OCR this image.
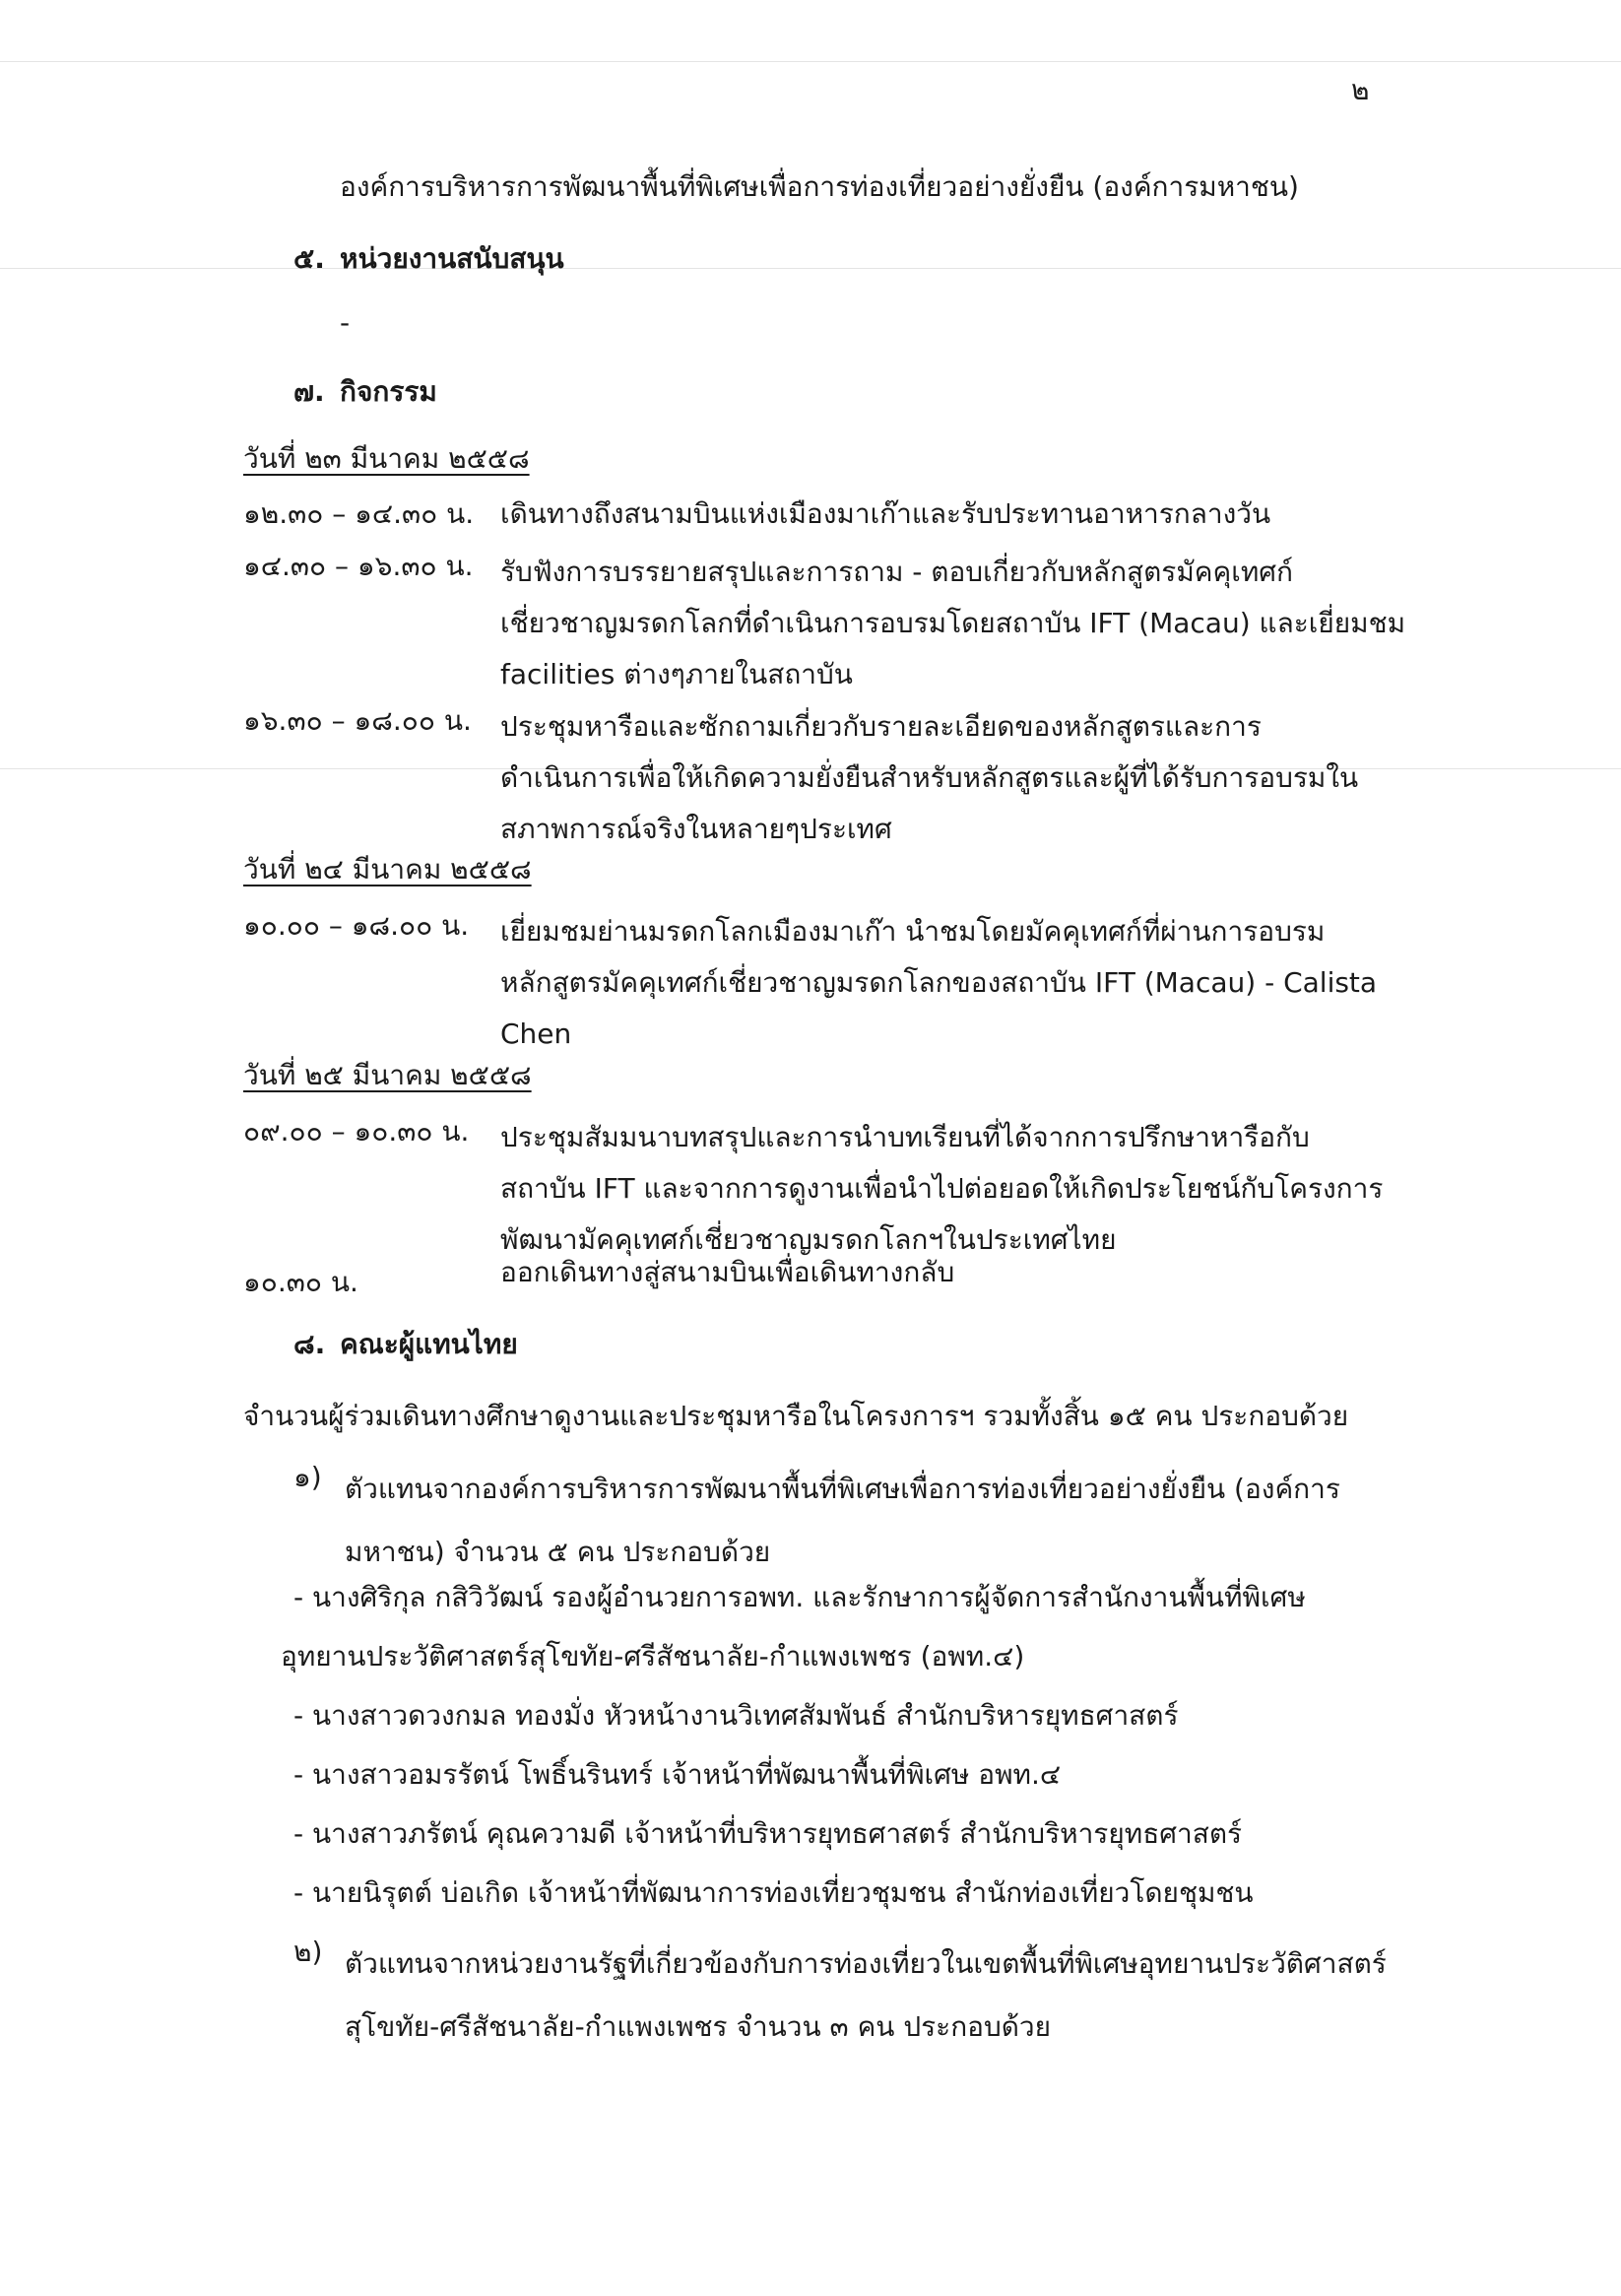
๒
องค์การบริหารการพัฒนาพื้นที่พิเศษเพื่อการท่องเที่ยวอย่างยั่งยืน (องค์การมหาชน)
๕. หน่วยงานสนับสนุน
-
๗. กิจกรรม
วันที่ ๒๓ มีนาคม ๒๕๕๘
๑๒.๓๐ – ๑๔.๓๐ น. เดินทางถึงสนามบินแห่งเมืองมาเก๊าและรับประทานอาหารกลางวัน

๑๔.๓๐ – ๑๖.๓๐ น. รับฟังการบรรยายสรุปและการถาม - ตอบเกี่ยวกับหลักสูตรมัคคุเทศก์

เชี่ยวชาญมรดกโลกที่ดำเนินการอบรมโดยสถาบัน IFT (Macau) และเยี่ยมชม

facilities ต่างๆภายในสถาบัน

๑๖.๓๐ – ๑๘.๐๐ น. ประชุมหารือและซักถามเกี่ยวกับรายละเอียดของหลักสูตรและการ

ดำเนินการเพื่อให้เกิดความยั่งยืนสำหรับหลักสูตรและผู้ที่ได้รับการอบรมใน

สภาพการณ์จริงในหลายๆประเทศ

วันที่ ๒๔ มีนาคม ๒๕๕๘
๑๐.๐๐ – ๑๘.๐๐ น. เยี่ยมชมย่านมรดกโลกเมืองมาเก๊า นำชมโดยมัคคุเทศก์ที่ผ่านการอบรม

หลักสูตรมัคคุเทศก์เชี่ยวชาญมรดกโลกของสถาบัน IFT (Macau) - Calista

Chen

วันที่ ๒๕ มีนาคม ๒๕๕๘
๐๙.๐๐ – ๑๐.๓๐ น. ประชุมสัมมนาบทสรุปและการนำบทเรียนที่ได้จากการปรึกษาหารือกับ

สถาบัน IFT และจากการดูงานเพื่อนำไปต่อยอดให้เกิดประโยชน์กับโครงการ

พัฒนามัคคุเทศก์เชี่ยวชาญมรดกโลกฯในประเทศไทย

๑๐.๓๐ น.	ออกเดินทางสู่สนามบินเพื่อเดินทางกลับ

๘. คณะผู้แทนไทย
จำนวนผู้ร่วมเดินทางศึกษาดูงานและประชุมหารือในโครงการฯ รวมทั้งสิ้น ๑๕ คน ประกอบด้วย
๑) ตัวแทนจากองค์การบริหารการพัฒนาพื้นที่พิเศษเพื่อการท่องเที่ยวอย่างยั่งยืน (องค์การ

มหาชน) จำนวน ๕ คน ประกอบด้วย

- นางศิริกุล กสิวิวัฒน์ รองผู้อำนวยการอพท. และรักษาการผู้จัดการสำนักงานพื้นที่พิเศษ
อุทยานประวัติศาสตร์สุโขทัย-ศรีสัชนาลัย-กำแพงเพชร (อพท.๔)
- นางสาวดวงกมล ทองมั่ง หัวหน้างานวิเทศสัมพันธ์ สำนักบริหารยุทธศาสตร์
- นางสาวอมรรัตน์ โพธิ์นรินทร์ เจ้าหน้าที่พัฒนาพื้นที่พิเศษ อพท.๔
- นางสาวภรัตน์ คุณความดี เจ้าหน้าที่บริหารยุทธศาสตร์ สำนักบริหารยุทธศาสตร์
- นายนิรุตต์ บ่อเกิด เจ้าหน้าที่พัฒนาการท่องเที่ยวชุมชน สำนักท่องเที่ยวโดยชุมชน
๒) ตัวแทนจากหน่วยงานรัฐที่เกี่ยวข้องกับการท่องเที่ยวในเขตพื้นที่พิเศษอุทยานประวัติศาสตร์

สุโขทัย-ศรีสัชนาลัย-กำแพงเพชร จำนวน ๓ คน ประกอบด้วย
